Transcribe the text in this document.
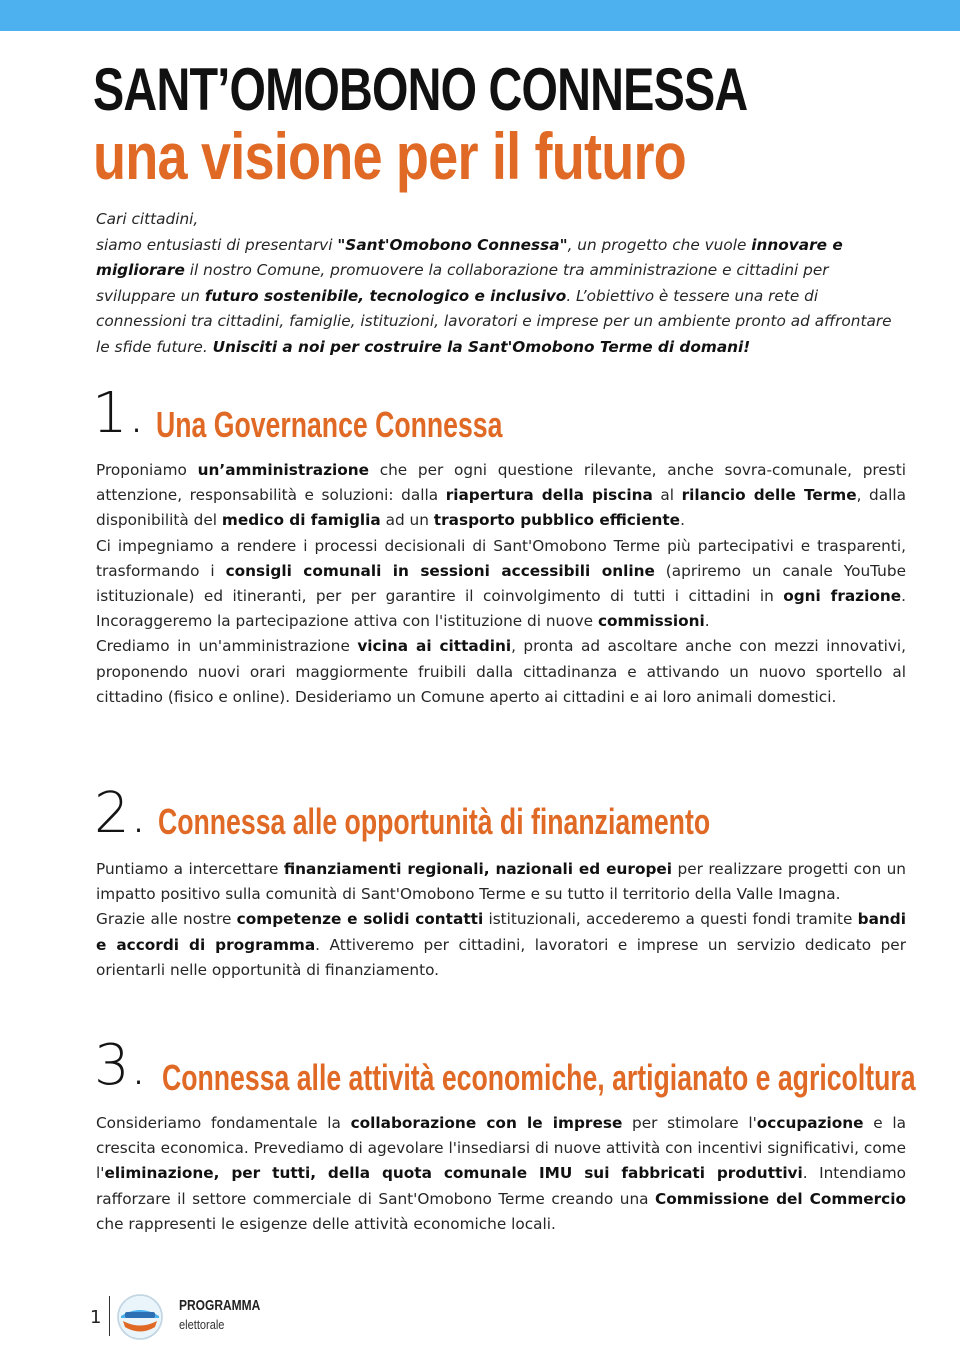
SANT’OMOBONO CONNESSA
una visione per il futuro
Cari cittadini,
siamo entusiasti di presentarvi "Sant'Omobono Connessa", un progetto che vuole innovare e migliorare il nostro Comune, promuovere la collaborazione tra amministrazione e cittadini per sviluppare un futuro sostenibile, tecnologico e inclusivo. L’obiettivo è tessere una rete di connessioni tra cittadini, famiglie, istituzioni, lavoratori e imprese per un ambiente pronto ad affrontare le sfide future. Unisciti a noi per costruire la Sant'Omobono Terme di domani!
1. Una Governance Connessa

Proponiamo un’amministrazione che per ogni questione rilevante, anche sovra-comunale, presti attenzione, responsabilità e soluzioni: dalla riapertura della piscina al rilancio delle Terme, dalla disponibilità del medico di famiglia ad un trasporto pubblico efficiente.

Ci impegniamo a rendere i processi decisionali di Sant'Omobono Terme più partecipativi e trasparenti, trasformando i consigli comunali in sessioni accessibili online (apriremo un canale YouTube istituzionale) ed itineranti, per per garantire il coinvolgimento di tutti i cittadini in ogni frazione. Incoraggeremo la partecipazione attiva con l'istituzione di nuove commissioni.

Crediamo in un'amministrazione vicina ai cittadini, pronta ad ascoltare anche con mezzi innovativi, proponendo nuovi orari maggiormente fruibili dalla cittadinanza e attivando un nuovo sportello al cittadino (fisico e online). Desideriamo un Comune aperto ai cittadini e ai loro animali domestici.

2. Connessa alle opportunità di finanziamento

Puntiamo a intercettare finanziamenti regionali, nazionali ed europei per realizzare progetti con un impatto positivo sulla comunità di Sant'Omobono Terme e su tutto il territorio della Valle Imagna.

Grazie alle nostre competenze e solidi contatti istituzionali, accederemo a questi fondi tramite bandi e accordi di programma. Attiveremo per cittadini, lavoratori e imprese un servizio dedicato per orientarli nelle opportunità di finanziamento.

3. Connessa alle attività economiche, artigianato e agricoltura

Consideriamo fondamentale la collaborazione con le imprese per stimolare l'occupazione e la crescita economica. Prevediamo di agevolare l'insediarsi di nuove attività con incentivi significativi, come l'eliminazione, per tutti, della quota comunale IMU sui fabbricati produttivi. Intendiamo rafforzare il settore commerciale di Sant'Omobono Terme creando una Commissione del Commercio che rappresenti le esigenze delle attività economiche locali.

1
PROGRAMMA
elettorale
